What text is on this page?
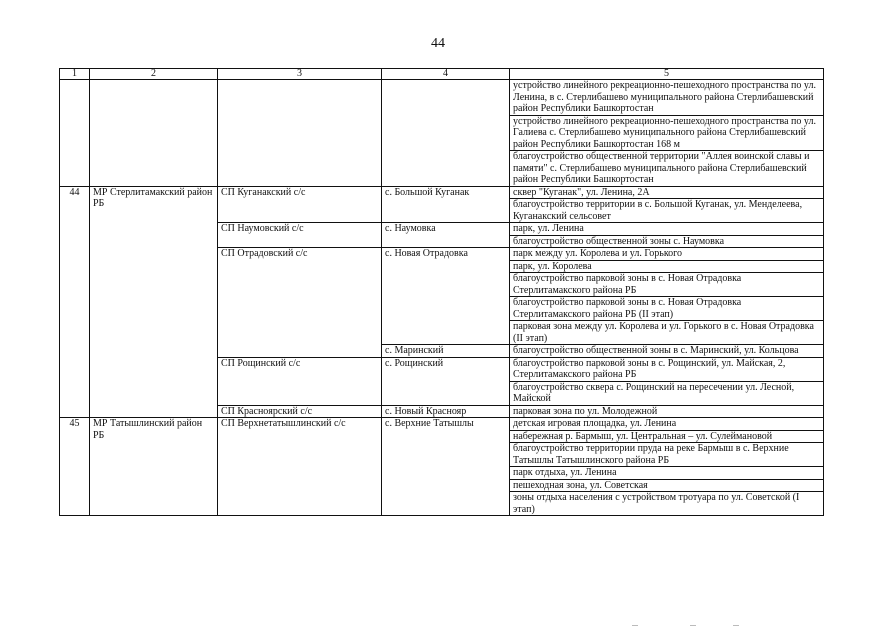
44
1	2	3	4	5
				устройство линейного рекреационно-пешеходного пространства по ул. Ленина, в с. Стерлибашево муниципального района Стерлибашевский район Республики Башкортостан
				устройство линейного рекреационно-пешеходного пространства по ул. Галиева с. Стерлибашево муниципального района Стерлибашевский район Республики Башкортостан 168 м
				благоустройство общественной территории "Аллея воинской славы и памяти" с. Стерлибашево муниципального района Стерлибашевский район Республики Башкортостан
44	МР Стерлитамакский район РБ	СП Куганакский с/с	с. Большой Куганак	сквер "Куганак", ул. Ленина, 2А
				благоустройство территории в с. Большой Куганак, ул. Менделеева, Куганакский сельсовет
		СП Наумовский с/с	с. Наумовка	парк, ул. Ленина
				благоустройство общественной зоны с. Наумовка
		СП Отрадовский с/с	с. Новая Отрадовка	парк между ул. Королева и ул. Горького
				парк, ул. Королева
				благоустройство парковой зоны в с. Новая Отрадовка Стерлитамакского района РБ
				благоустройство парковой зоны в с. Новая Отрадовка Стерлитамакского района РБ (II этап)
				парковая зона между ул. Королева и ул. Горького в с. Новая Отрадовка (II этап)
			с. Маринский	благоустройство общественной зоны в с. Маринский, ул. Кольцова
		СП Рощинский с/с	с. Рощинский	благоустройство парковой зоны в с. Рощинский, ул. Майская, 2, Стерлитамакского района РБ
				благоустройство сквера с. Рощинский на пересечении ул. Лесной, Майской
		СП Краснoярский с/с	с. Новый Краснояр	парковая зона по ул. Молодежной
45	МР Татышлинский район РБ	СП Верхнетатышлинский с/с	с. Верхние Татышлы	детская игровая площадка, ул. Ленина
				набережная р. Бармыш, ул. Центральная – ул. Сулеймановой
				благоустройство территории пруда на реке Бармыш в с. Верхние Татышлы Татышлинского района РБ
				парк отдыха, ул. Ленина
				пешеходная зона, ул. Советская
				зоны отдыха населения с устройством тротуара по ул. Советской (I этап)
